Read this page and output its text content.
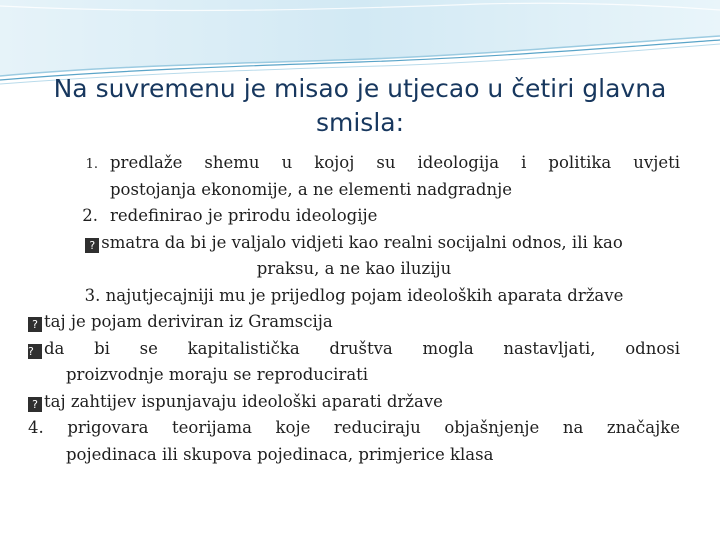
Na suvremenu je misao je utjecao u četiri glavna smisla:
1. predlaže shemu u kojoj su ideologija i politika uvjeti
postojanja ekonomije, a ne elementi nadgradnje
2. redefinirao je prirodu ideologije
? smatra da bi je valjalo vidjeti kao realni socijalni odnos, ili kao
praksu, a ne kao iluziju
3. najutjecajniji mu je prijedlog pojam ideoloških aparata države
? taj je pojam deriviran iz Gramscija
? da bi se kapitalistička društva mogla nastavljati, odnosi
proizvodnje moraju se reproducirati
? taj zahtijev ispunjavaju ideološki aparati države
4. prigovara teorijama koje reduciraju objašnjenje na značajke
pojedinaca ili skupova pojedinaca, primjerice klasa
